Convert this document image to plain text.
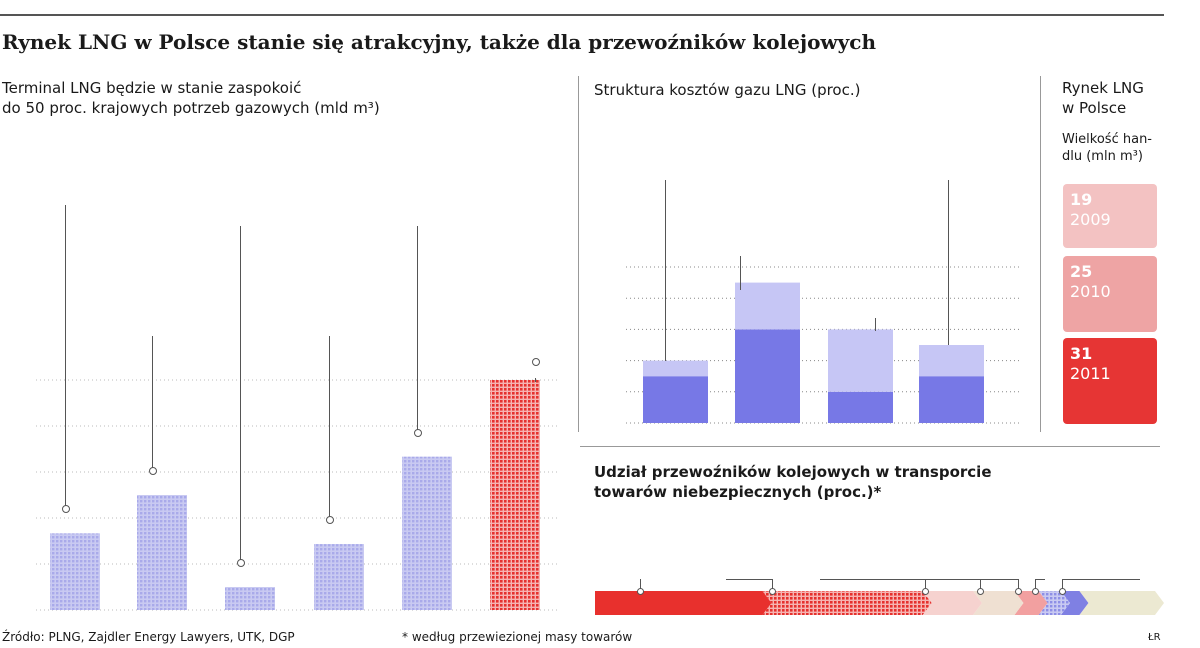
Rynek LNG w Polsce stanie się atrakcyjny, także dla przewoźników kolejowych
Terminal LNG będzie w stanie zaspokoić
do 50 proc. krajowych potrzeb gazowych (mld m³)
Struktura kosztów gazu LNG (proc.)	Rynek LNG
w Polsce
Wielkość han-
dlu (mln m³)
19
2009
25
2010
31
2011
Udział przewoźników kolejowych w transporcie
towarów niebezpiecznych (proc.)*
Źródło: PLNG, Zajdler Energy Lawyers, UTK, DGP	* według przewiezionej masy towarów	ŁR
